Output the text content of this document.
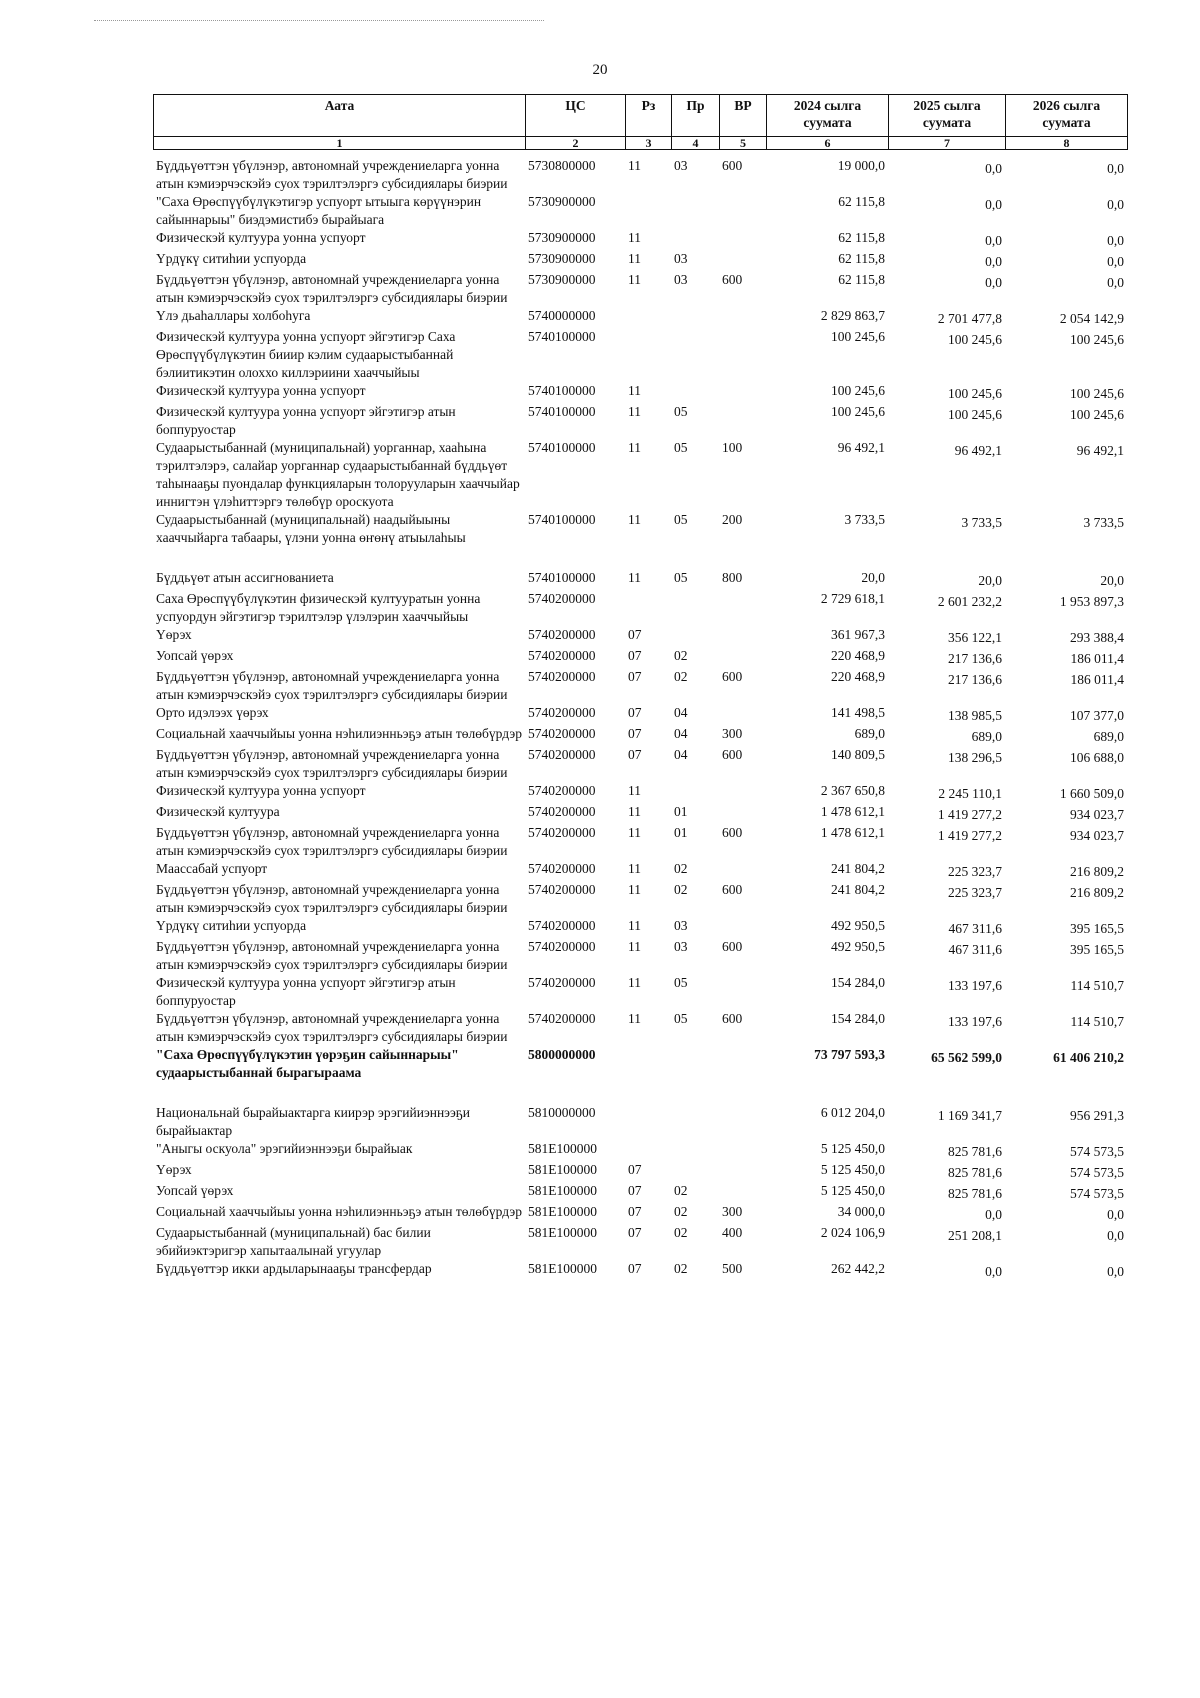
20
Аата	ЦС	Рз	Пр	ВР	2024 сылга суумата	2025 сылга суумата	2026 сылга суумата
1	2	3	4	5	6	7	8
Бүддьүөттэн үбүлэнэр, автономнай учреждениеларга уонна атын кэмиэрчэскэйэ суох тэрилтэлэргэ субсидиялары биэрии	5730800000	11	03	600	19 000,0	0,0	0,0
"Саха Өрөспүүбүлүкэтигэр успуорт ытыыга көрүүнэрин сайыннарыы" биэдэмистибэ бырайыага	5730900000				62 115,8	0,0	0,0
Физическэй култуура уонна успуорт	5730900000	11			62 115,8	0,0	0,0
Үрдүкү ситиһии успуорда	5730900000	11	03		62 115,8	0,0	0,0
Бүддьүөттэн үбүлэнэр, автономнай учреждениеларга уонна атын кэмиэрчэскэйэ суох тэрилтэлэргэ субсидиялары биэрии	5730900000	11	03	600	62 115,8	0,0	0,0
Үлэ дьаһаллары холбоһуга	5740000000				2 829 863,7	2 701 477,8	2 054 142,9
Физическэй култуура уонна успуорт эйгэтигэр Саха Өрөспүүбүлүкэтин бииир кэлим судаарыстыбаннай бэлиитикэтин олоххо киллэриини хааччыйыы	5740100000				100 245,6	100 245,6	100 245,6
Физическэй култуура уонна успуорт	5740100000	11			100 245,6	100 245,6	100 245,6
Физическэй култуура уонна успуорт эйгэтигэр атын боппуруостар	5740100000	11	05		100 245,6	100 245,6	100 245,6
Судаарыстыбаннай (муниципальнай) уорганнар, хааһына тэрилтэлэрэ, салайар уорганнар судаарыстыбаннай бүддьүөт таһынааҕы пуондалар функцияларын толорууларын хааччыйар иннигтэн үлэһиттэргэ төлөбүр ороскуота	5740100000	11	05	100	96 492,1	96 492,1	96 492,1
Судаарыстыбаннай (муниципальнай) наадыйыыны хааччыйарга табаары, үлэни уонна өҥөнү атыылаһыы	5740100000	11	05	200	3 733,5	3 733,5	3 733,5

Бүддьүөт атын ассигнованиета	5740100000	11	05	800	20,0	20,0	20,0
Саха Өрөспүүбүлүкэтин физическэй култууратын уонна успуордун эйгэтигэр тэрилтэлэр үлэлэрин хааччыйыы	5740200000				2 729 618,1	2 601 232,2	1 953 897,3
Үөрэх	5740200000	07			361 967,3	356 122,1	293 388,4
Уопсай үөрэх	5740200000	07	02		220 468,9	217 136,6	186 011,4
Бүддьүөттэн үбүлэнэр, автономнай учреждениеларга уонна атын кэмиэрчэскэйэ суох тэрилтэлэргэ субсидиялары биэрии	5740200000	07	02	600	220 468,9	217 136,6	186 011,4
Орто идэлээх үөрэх	5740200000	07	04		141 498,5	138 985,5	107 377,0
Социальнай хааччыйыы уонна нэһилиэнньэҕэ атын төлөбүрдэр	5740200000	07	04	300	689,0	689,0	689,0
Бүддьүөттэн үбүлэнэр, автономнай учреждениеларга уонна атын кэмиэрчэскэйэ суох тэрилтэлэргэ субсидиялары биэрии	5740200000	07	04	600	140 809,5	138 296,5	106 688,0
Физическэй култуура уонна успуорт	5740200000	11			2 367 650,8	2 245 110,1	1 660 509,0
Физическэй култуура	5740200000	11	01		1 478 612,1	1 419 277,2	934 023,7
Бүддьүөттэн үбүлэнэр, автономнай учреждениеларга уонна атын кэмиэрчэскэйэ суох тэрилтэлэргэ субсидиялары биэрии	5740200000	11	01	600	1 478 612,1	1 419 277,2	934 023,7
Маассабай успуорт	5740200000	11	02		241 804,2	225 323,7	216 809,2
Бүддьүөттэн үбүлэнэр, автономнай учреждениеларга уонна атын кэмиэрчэскэйэ суох тэрилтэлэргэ субсидиялары биэрии	5740200000	11	02	600	241 804,2	225 323,7	216 809,2
Үрдүкү ситиһии успуорда	5740200000	11	03		492 950,5	467 311,6	395 165,5
Бүддьүөттэн үбүлэнэр, автономнай учреждениеларга уонна атын кэмиэрчэскэйэ суох тэрилтэлэргэ субсидиялары биэрии	5740200000	11	03	600	492 950,5	467 311,6	395 165,5
Физическэй култуура уонна успуорт эйгэтигэр атын боппуруостар	5740200000	11	05		154 284,0	133 197,6	114 510,7
Бүддьүөттэн үбүлэнэр, автономнай учреждениеларга уонна атын кэмиэрчэскэйэ суох тэрилтэлэргэ субсидиялары биэрии	5740200000	11	05	600	154 284,0	133 197,6	114 510,7
"Саха Өрөспүүбүлүкэтин үөрэҕин сайыннарыы" судаарыстыбаннай бырагыраама	5800000000				73 797 593,3	65 562 599,0	61 406 210,2

Национальнай бырайыактарга киирэр эрэгийиэннээҕи бырайыактар	5810000000				6 012 204,0	1 169 341,7	956 291,3
"Аныгы оскуола" эрэгийиэннээҕи бырайыак	581E100000				5 125 450,0	825 781,6	574 573,5
Үөрэх	581E100000	07			5 125 450,0	825 781,6	574 573,5
Уопсай үөрэх	581E100000	07	02		5 125 450,0	825 781,6	574 573,5
Социальнай хааччыйыы уонна нэһилиэнньэҕэ атын төлөбүрдэр	581E100000	07	02	300	34 000,0	0,0	0,0
Судаарыстыбаннай (муниципальнай) бас билии эбийиэктэригэр хапытаалынай угуулар	581E100000	07	02	400	2 024 106,9	251 208,1	0,0
Бүддьүөттэр икки ардыларынааҕы трансфердар	581E100000	07	02	500	262 442,2	0,0	0,0
